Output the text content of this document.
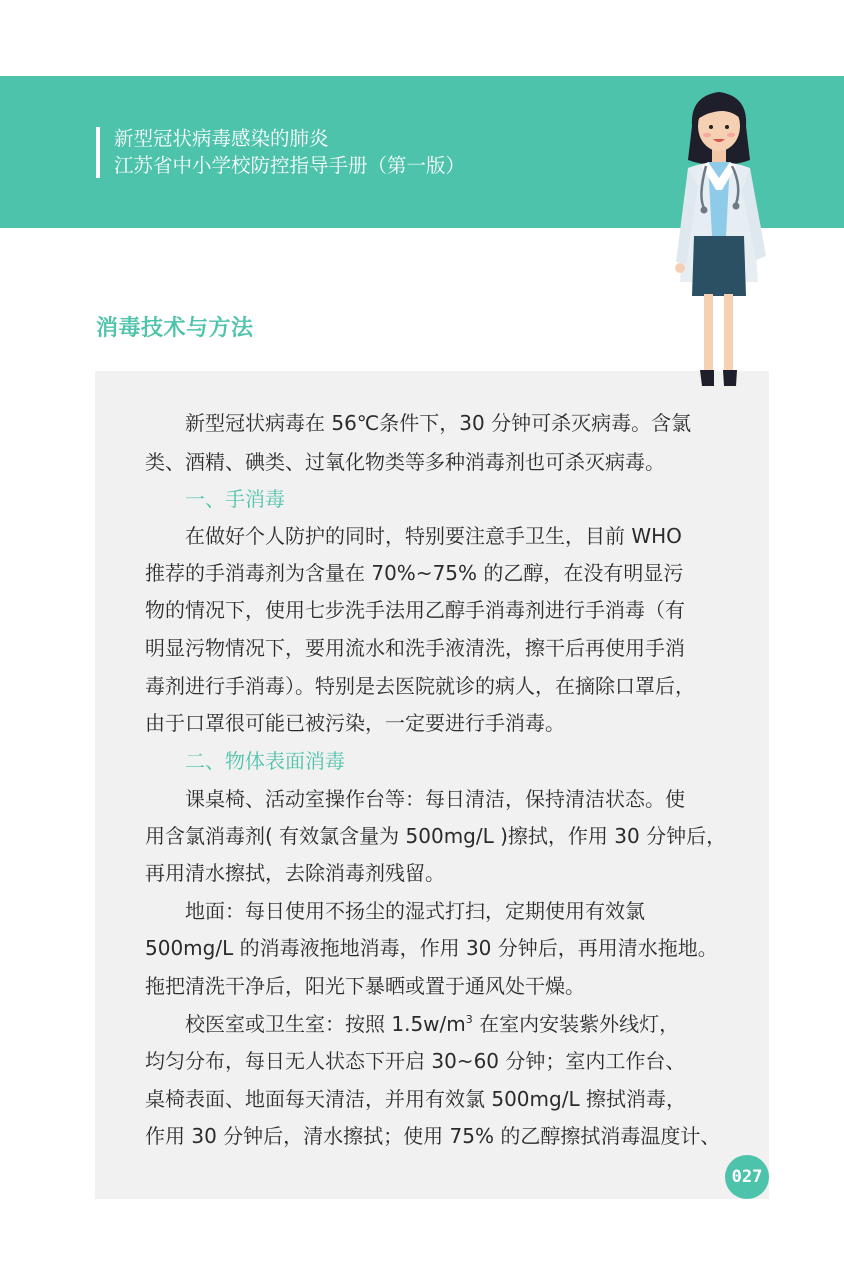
新型冠状病毒感染的肺炎
江苏省中小学校防控指导手册（第一版）
消毒技术与方法
新型冠状病毒在 56℃条件下，30 分钟可杀灭病毒。含氯
类、酒精、碘类、过氧化物类等多种消毒剂也可杀灭病毒。
一、手消毒
在做好个人防护的同时，特别要注意手卫生，目前 WHO
推荐的手消毒剂为含量在 70%~75% 的乙醇，在没有明显污
物的情况下，使用七步洗手法用乙醇手消毒剂进行手消毒（有
明显污物情况下，要用流水和洗手液清洗，擦干后再使用手消
毒剂进行手消毒）。特别是去医院就诊的病人，在摘除口罩后，
由于口罩很可能已被污染，一定要进行手消毒。
二、物体表面消毒
课桌椅、活动室操作台等：每日清洁，保持清洁状态。使
用含氯消毒剂( 有效氯含量为 500mg/L )擦拭，作用 30 分钟后，
再用清水擦拭，去除消毒剂残留。
地面：每日使用不扬尘的湿式打扫，定期使用有效氯
500mg/L 的消毒液拖地消毒，作用 30 分钟后，再用清水拖地。
拖把清洗干净后，阳光下暴晒或置于通风处干燥。
校医室或卫生室：按照 $1.5w/m^3$ 在室内安装紫外线灯，
均匀分布，每日无人状态下开启 30~60 分钟；室内工作台、
桌椅表面、地面每天清洁，并用有效氯 500mg/L 擦拭消毒，
作用 30 分钟后，清水擦拭；使用 75% 的乙醇擦拭消毒温度计、
027
